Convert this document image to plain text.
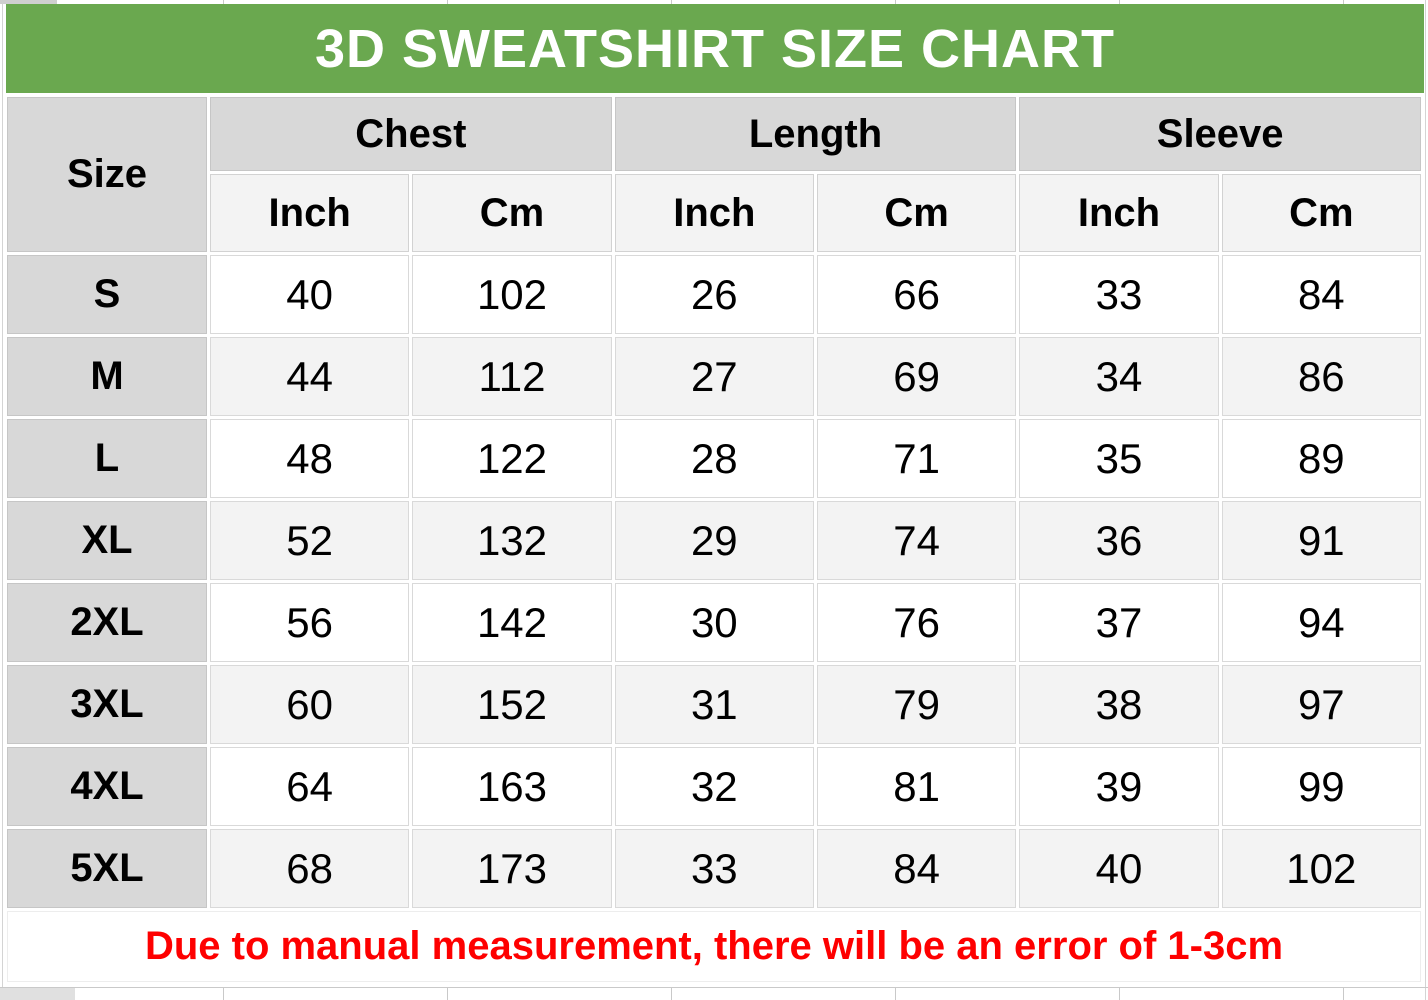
3D SWEATSHIRT SIZE CHART
Size	Chest		Length		Sleeve	
	Inch	Cm	Inch	Cm	Inch	Cm
S	40	102	26	66	33	84
M	44	112	27	69	34	86
L	48	122	28	71	35	89
XL	52	132	29	74	36	91
2XL	56	142	30	76	37	94
3XL	60	152	31	79	38	97
4XL	64	163	32	81	39	99
5XL	68	173	33	84	40	102
Due to manual measurement, there will be an error of 1-3cm						
